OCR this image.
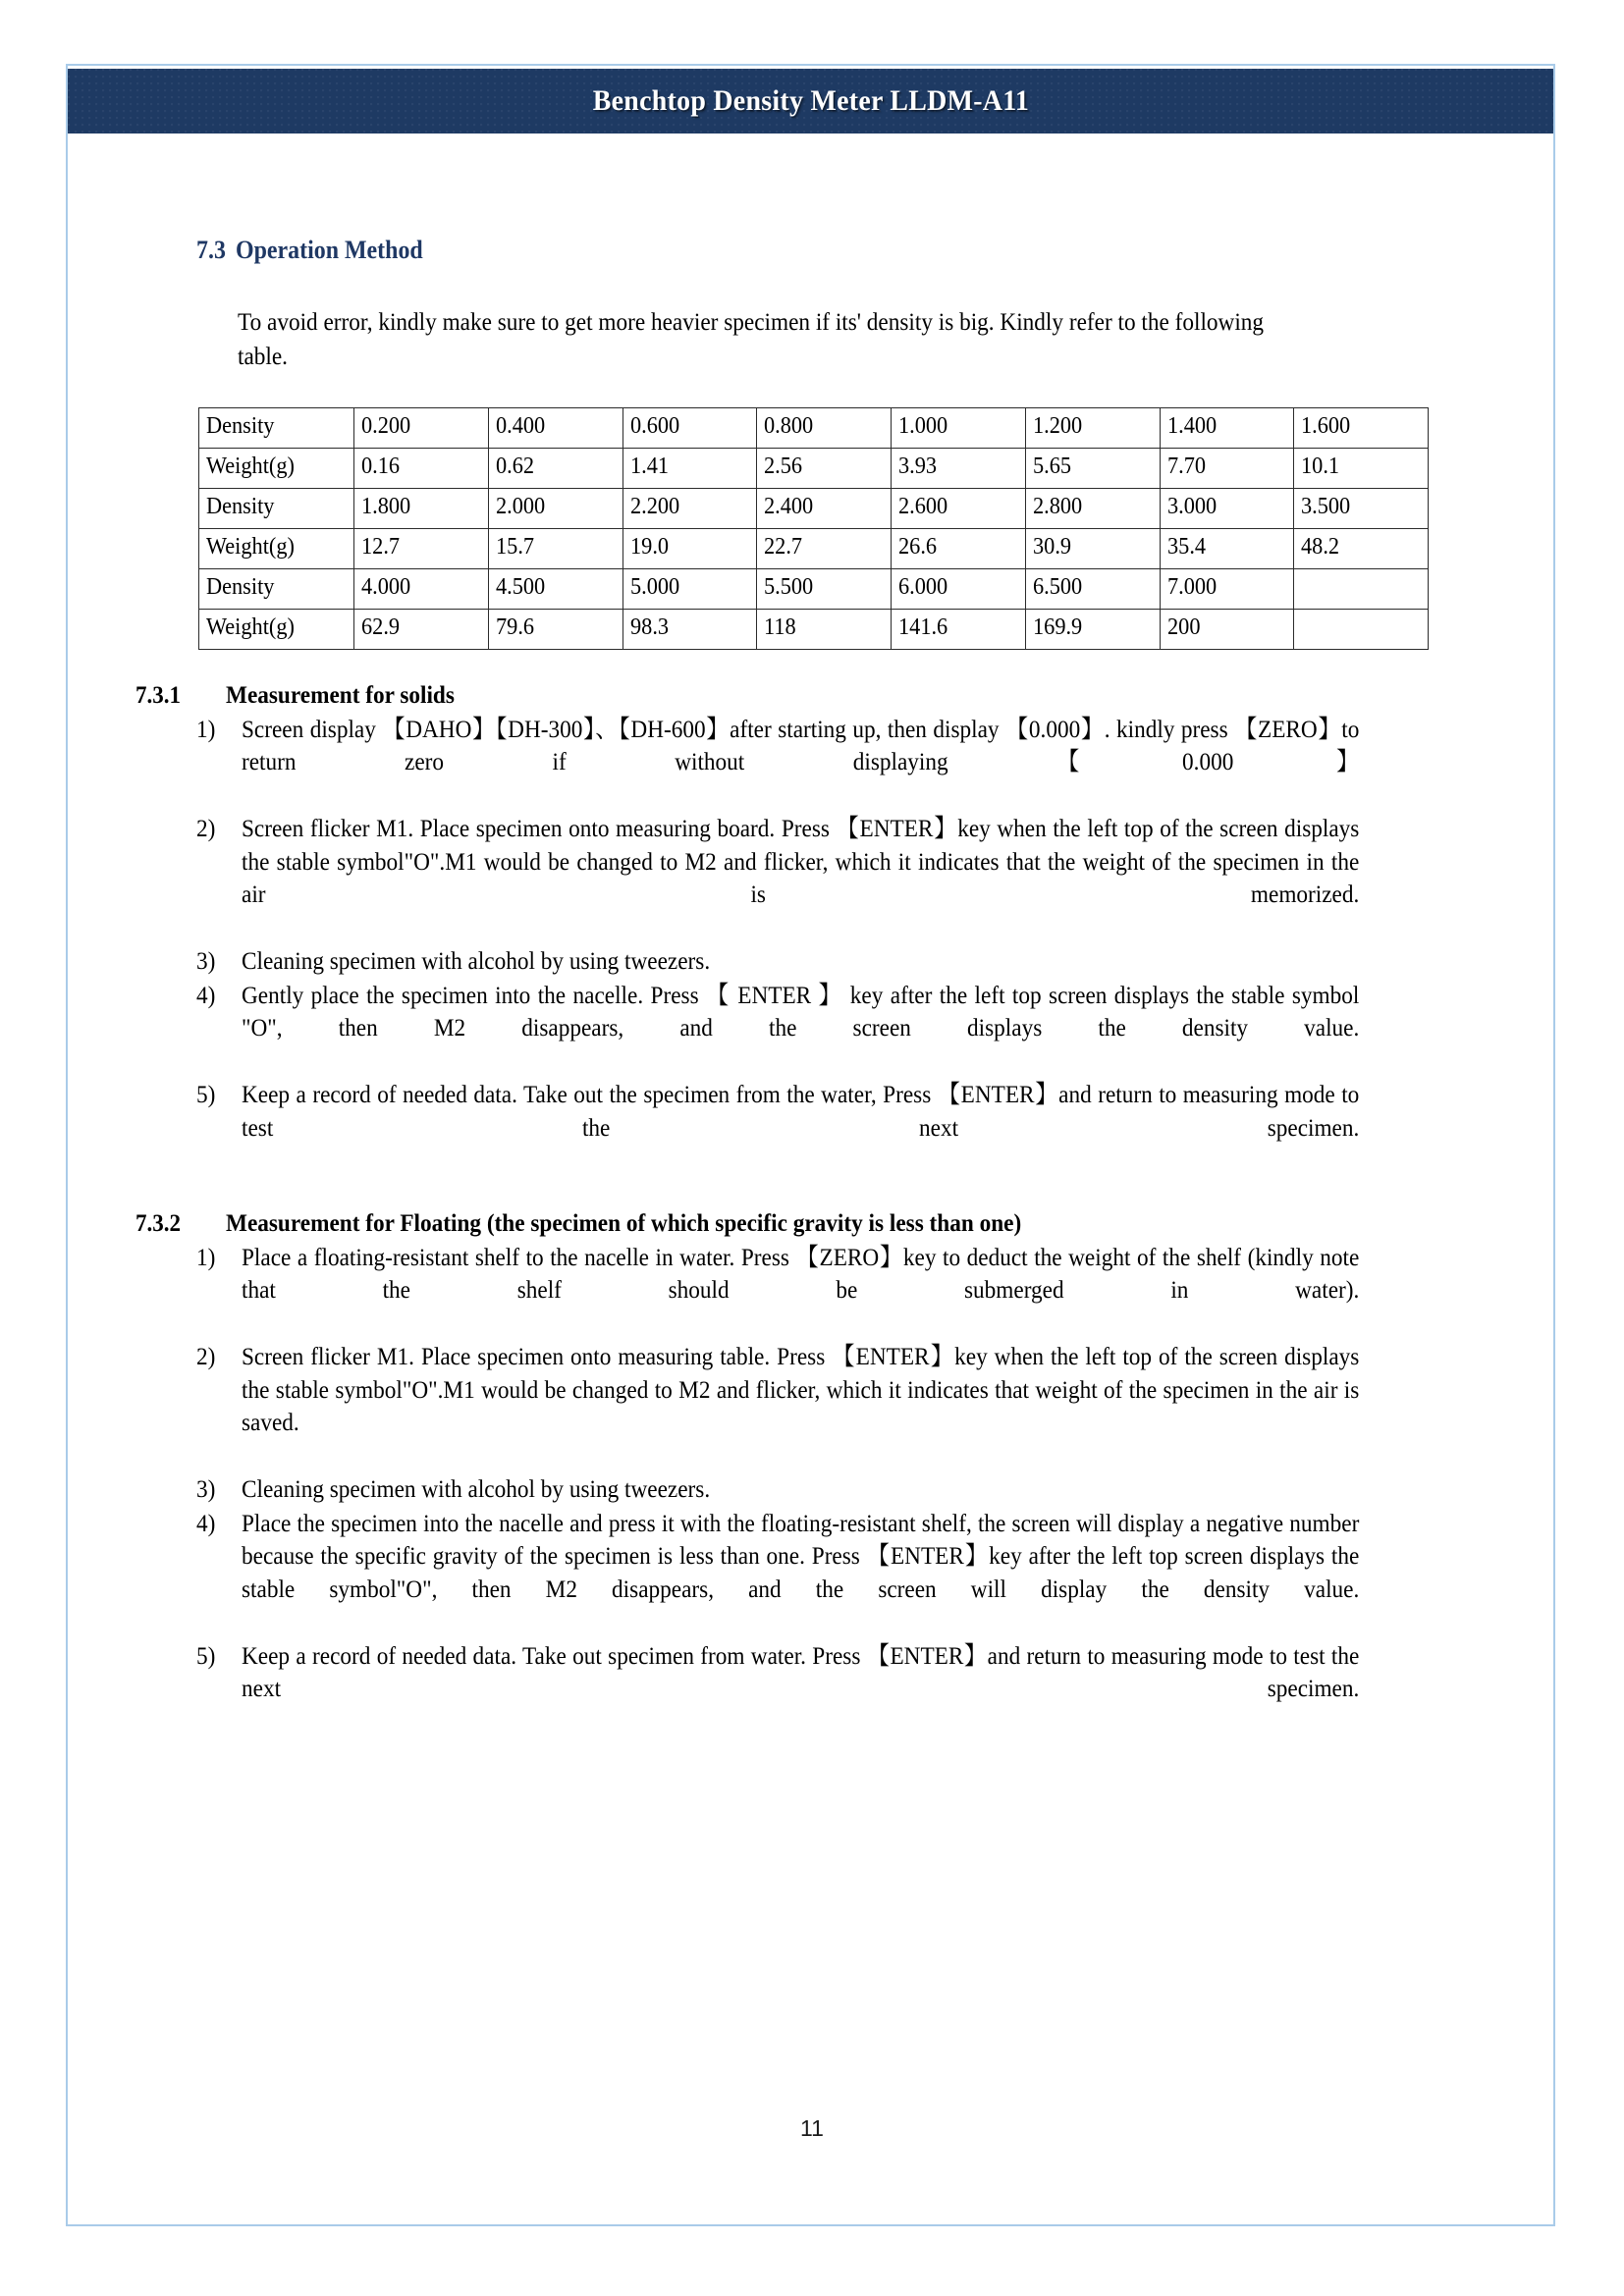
Benchtop Density Meter LLDM-A11
7.3 Operation Method
To avoid error, kindly make sure to get more heavier specimen if its' density is big. Kindly refer to the following table.
Density	0.200	0.400	0.600	0.800	1.000	1.200	1.400	1.600
Weight(g)	0.16	0.62	1.41	2.56	3.93	5.65	7.70	10.1
Density	1.800	2.000	2.200	2.400	2.600	2.800	3.000	3.500
Weight(g)	12.7	15.7	19.0	22.7	26.6	30.9	35.4	48.2
Density	4.000	4.500	5.000	5.500	6.000	6.500	7.000	
Weight(g)	62.9	79.6	98.3	118	141.6	169.9	200	
7.3.1	Measurement for solids
1)	Screen display 【DAHO】【DH-300】、【DH-600】after starting up, then display 【0.000】. kindly press 【ZERO】to return zero if without displaying 【0.000】
2)	Screen flicker M1. Place specimen onto measuring board. Press 【ENTER】key when the left top of the screen displays the stable symbol"O".M1 would be changed to M2 and flicker, which it indicates that the weight of the specimen in the air is memorized.
3)	Cleaning specimen with alcohol by using tweezers.
4)	Gently place the specimen into the nacelle. Press 【 ENTER 】 key after the left top screen displays the stable symbol "O", then M2 disappears, and the screen displays the density value.
5)	Keep a record of needed data. Take out the specimen from the water, Press 【ENTER】and return to measuring mode to test the next specimen.
7.3.2	Measurement for Floating (the specimen of which specific gravity is less than one)
1)	Place a floating-resistant shelf to the nacelle in water. Press 【ZERO】key to deduct the weight of the shelf (kindly note that the shelf should be submerged in water).
2)	Screen flicker M1. Place specimen onto measuring table. Press 【ENTER】key when the left top of the screen displays the stable symbol"O".M1 would be changed to M2 and flicker, which it indicates that weight of the specimen in the air is saved.
3)	Cleaning specimen with alcohol by using tweezers.
4)	Place the specimen into the nacelle and press it with the floating-resistant shelf, the screen will display a negative number because the specific gravity of the specimen is less than one. Press 【ENTER】key after the left top screen displays the stable symbol"O", then M2 disappears, and the screen will display the density value.
5)	Keep a record of needed data. Take out specimen from water. Press 【ENTER】and return to measuring mode to test the next specimen.
11
